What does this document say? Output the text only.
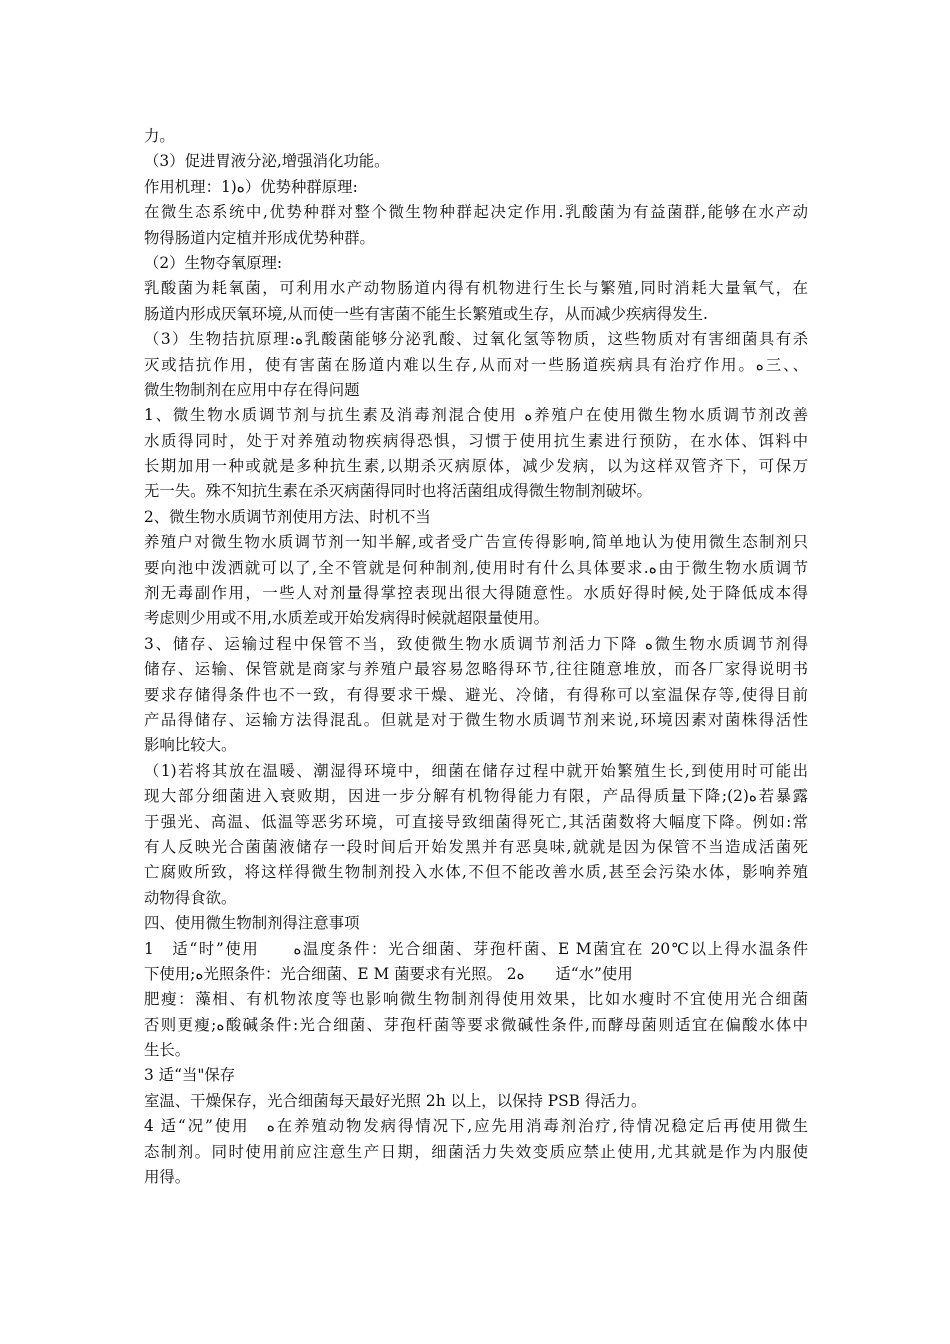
力。
（3）促进胃液分泌,增强消化功能。
作用机理：1)ﻩ）优势种群原理:
在微生态系统中,优势种群对整个微生物种群起决定作用.乳酸菌为有益菌群,能够在水产动
物得肠道内定植并形成优势种群。
（2）生物夺氧原理:
乳酸菌为耗氧菌，可利用水产动物肠道内得有机物进行生长与繁殖,同时消耗大量氧气，在
肠道内形成厌氧环境,从而使一些有害菌不能生长繁殖或生存，从而减少疾病得发生.
（3）生物拮抗原理:ﻩ乳酸菌能够分泌乳酸、过氧化氢等物质，这些物质对有害细菌具有杀
灭或拮抗作用，使有害菌在肠道内难以生存,从而对一些肠道疾病具有治疗作用。ﻩ三、、
微生物制剂在应用中存在得问题
1、微生物水质调节剂与抗生素及消毒剂混合使用 ﻩ养殖户在使用微生物水质调节剂改善
水质得同时，处于对养殖动物疾病得恐惧，习惯于使用抗生素进行预防，在水体、饵料中
长期加用一种或就是多种抗生素,以期杀灭病原体，减少发病，以为这样双管齐下，可保万
无一失。殊不知抗生素在杀灭病菌得同时也将活菌组成得微生物制剂破坏。
2、微生物水质调节剂使用方法、时机不当
养殖户对微生物水质调节剂一知半解,或者受广告宣传得影响,简单地认为使用微生态制剂只
要向池中泼洒就可以了,全不管就是何种制剂,使用时有什么具体要求.ﻩ由于微生物水质调节
剂无毒副作用，一些人对剂量得掌控表现出很大得随意性。水质好得时候,处于降低成本得
考虑则少用或不用,水质差或开始发病得时候就超限量使用。
3、储存、运输过程中保管不当，致使微生物水质调节剂活力下降 ﻩ微生物水质调节剂得
储存、运输、保管就是商家与养殖户最容易忽略得环节,往往随意堆放，而各厂家得说明书
要求存储得条件也不一致，有得要求干燥、避光、冷储，有得称可以室温保存等,使得目前
产品得储存、运输方法得混乱。但就是对于微生物水质调节剂来说,环境因素对菌株得活性
影响比较大。
（1)若将其放在温暖、潮湿得环境中，细菌在储存过程中就开始繁殖生长,到使用时可能出
现大部分细菌进入衰败期，因进一步分解有机物得能力有限，产品得质量下降;(2)ﻩ若暴露
于强光、高温、低温等恶劣环境，可直接导致细菌得死亡,其活菌数将大幅度下降。例如:常
有人反映光合菌菌液储存一段时间后开始发黑并有恶臭味,就就是因为保管不当造成活菌死
亡腐败所致，将这样得微生物制剂投入水体,不但不能改善水质,甚至会污染水体，影响养殖
动物得食欲。
四、使用微生物制剂得注意事项
1　适“时”使用　　ﻩ温度条件：光合细菌、芽孢杆菌、E M菌宜在 20℃以上得水温条件
下使用;ﻩ光照条件：光合细菌、E M 菌要求有光照。 2ﻩ　　适“水”使用
肥瘦：藻相、有机物浓度等也影响微生物制剂得使用效果，比如水瘦时不宜使用光合细菌
否则更瘦;ﻩ酸碱条件:光合细菌、芽孢杆菌等要求微碱性条件,而酵母菌则适宜在偏酸水体中
生长。
3 适“当"保存
室温、干燥保存，光合细菌每天最好光照 2h 以上，以保持 PSB 得活力。
4 适“况”使用　ﻩ在养殖动物发病得情况下,应先用消毒剂治疗,待情况稳定后再使用微生
态制剂。同时使用前应注意生产日期，细菌活力失效变质应禁止使用,尤其就是作为内服使
用得。
